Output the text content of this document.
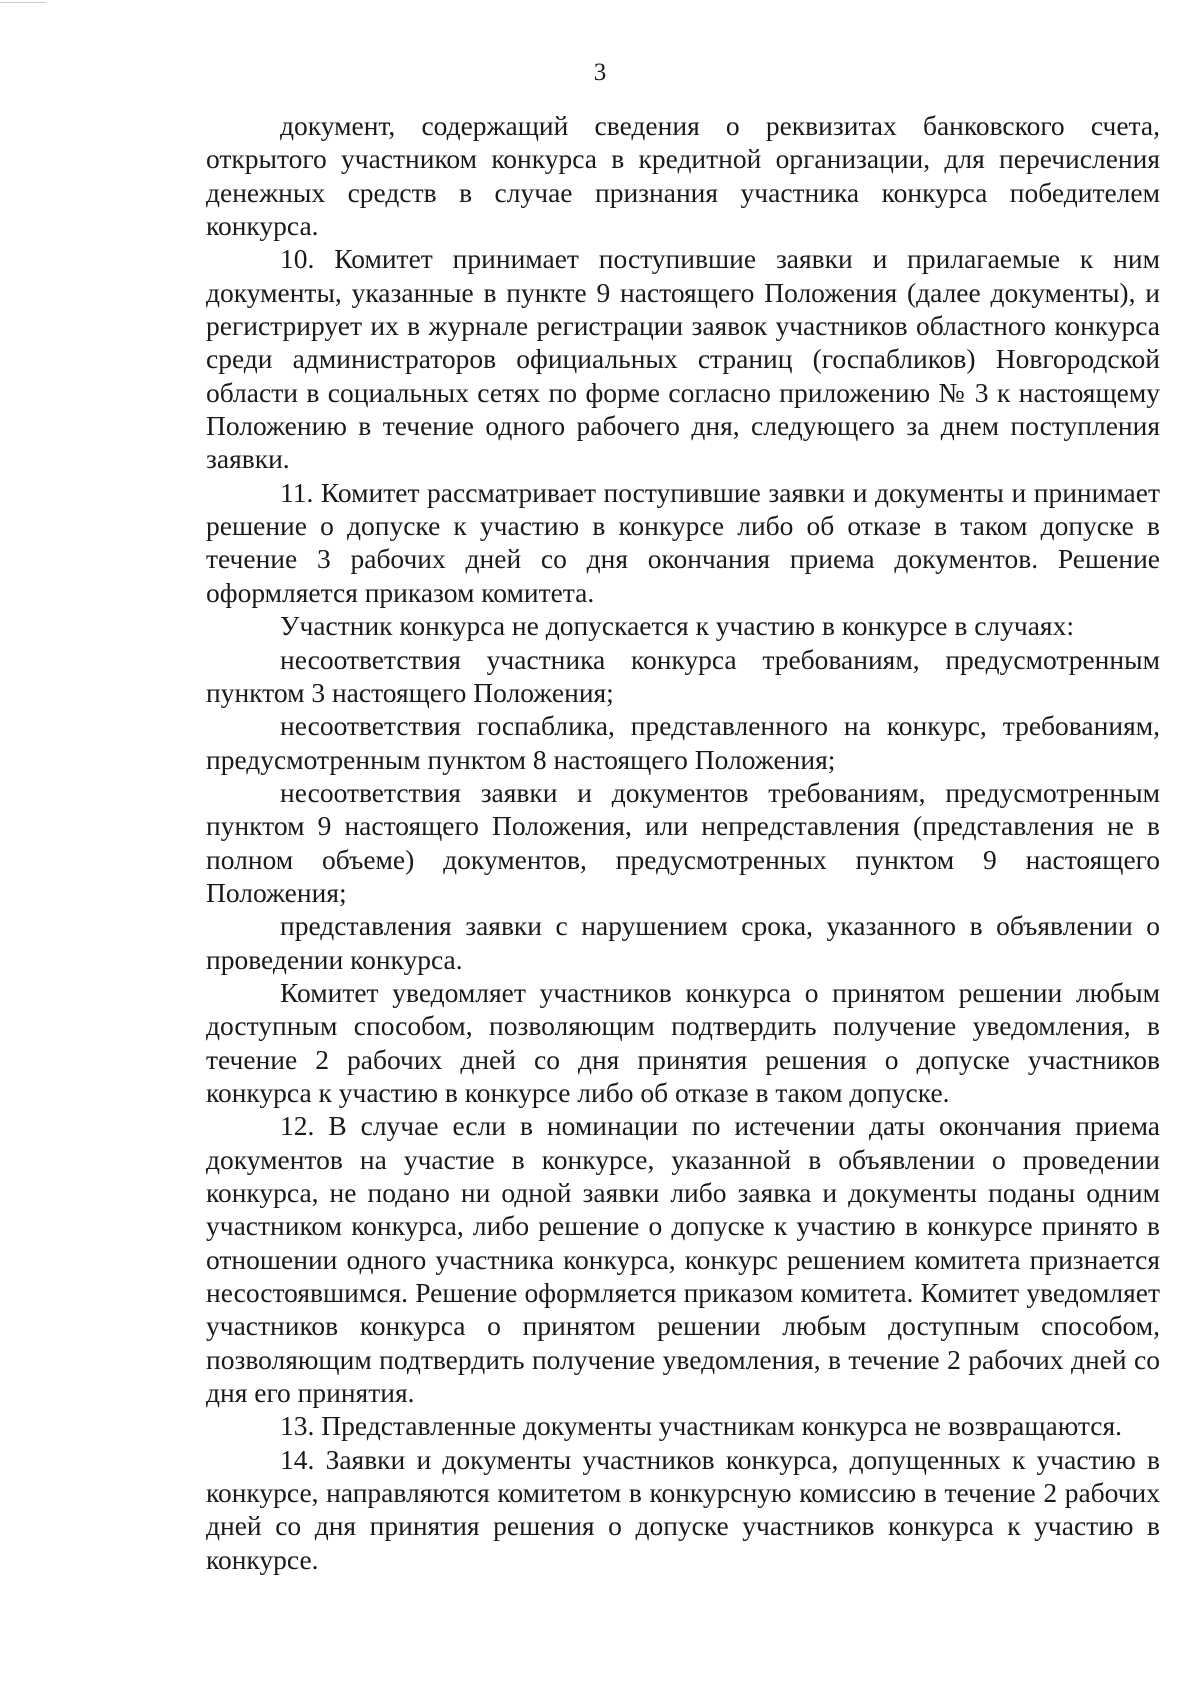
3

документ, содержащий сведения о реквизитах банковского счета, открытого участником конкурса в кредитной организации, для перечисления денежных средств в случае признания участника конкурса победителем конкурса.

10. Комитет принимает поступившие заявки и прилагаемые к ним документы, указанные в пункте 9 настоящего Положения (далее документы), и регистрирует их в журнале регистрации заявок участников областного конкурса среди администраторов официальных страниц (госпабликов) Новгородской области в социальных сетях по форме согласно приложению № 3 к настоящему Положению в течение одного рабочего дня, следующего за днем поступления заявки.

11. Комитет рассматривает поступившие заявки и документы и принимает решение о допуске к участию в конкурсе либо об отказе в таком допуске в течение 3 рабочих дней со дня окончания приема документов. Решение оформляется приказом комитета.

Участник конкурса не допускается к участию в конкурсе в случаях:

несоответствия участника конкурса требованиям, предусмотренным пунктом 3 настоящего Положения;

несоответствия госпаблика, представленного на конкурс, требованиям, предусмотренным пунктом 8 настоящего Положения;

несоответствия заявки и документов требованиям, предусмотренным пунктом 9 настоящего Положения, или непредставления (представления не в полном объеме) документов, предусмотренных пунктом 9 настоящего Положения;

представления заявки с нарушением срока, указанного в объявлении о проведении конкурса.

Комитет уведомляет участников конкурса о принятом решении любым доступным способом, позволяющим подтвердить получение уведомления, в течение 2 рабочих дней со дня принятия решения о допуске участников конкурса к участию в конкурсе либо об отказе в таком допуске.

12. В случае если в номинации по истечении даты окончания приема документов на участие в конкурсе, указанной в объявлении о проведении конкурса, не подано ни одной заявки либо заявка и документы поданы одним участником конкурса, либо решение о допуске к участию в конкурсе принято в отношении одного участника конкурса, конкурс решением комитета признается несостоявшимся. Решение оформляется приказом комитета. Комитет уведомляет участников конкурса о принятом решении любым доступным способом, позволяющим подтвердить получение уведомления, в течение 2 рабочих дней со дня его принятия.

13. Представленные документы участникам конкурса не возвращаются.

14. Заявки и документы участников конкурса, допущенных к участию в конкурсе, направляются комитетом в конкурсную комиссию в течение 2 рабочих дней со дня принятия решения о допуске участников конкурса к участию в конкурсе.
